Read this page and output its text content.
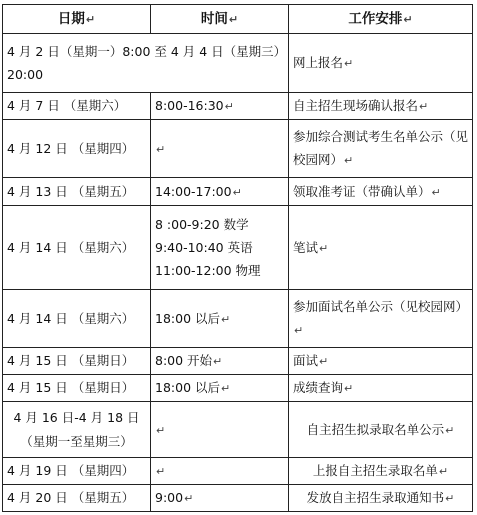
日期↵	时间↵	工作安排↵
4 月 2 日（星期一）8:00 至 4 月 4 日（星期三）20:00		网上报名↵
4 月 7 日 （星期六）	8:00-16:30↵	自主招生现场确认报名↵
4 月 12 日 （星期四）	↵	参加综合测试考生名单公示（见校园网）↵
4 月 13 日 （星期五）	14:00-17:00↵	领取准考证（带确认单）↵
4 月 14 日 （星期六）	8 :00-9:20 数学
9:40-10:40 英语
11:00-12:00 物理	笔试↵
4 月 14 日 （星期六）	18:00 以后↵	参加面试名单公示（见校园网）↵
4 月 15 日 （星期日）	8:00 开始↵	面试↵
4 月 15 日 （星期日）	18:00 以后↵	成绩查询↵

4 月 16 日-4 月 18 日
（星期一至星期三）	↵	自主招生拟录取名单公示↵
4 月 19 日 （星期四）	↵	上报自主招生录取名单↵
4 月 20 日 （星期五）	9:00↵	发放自主招生录取通知书↵
